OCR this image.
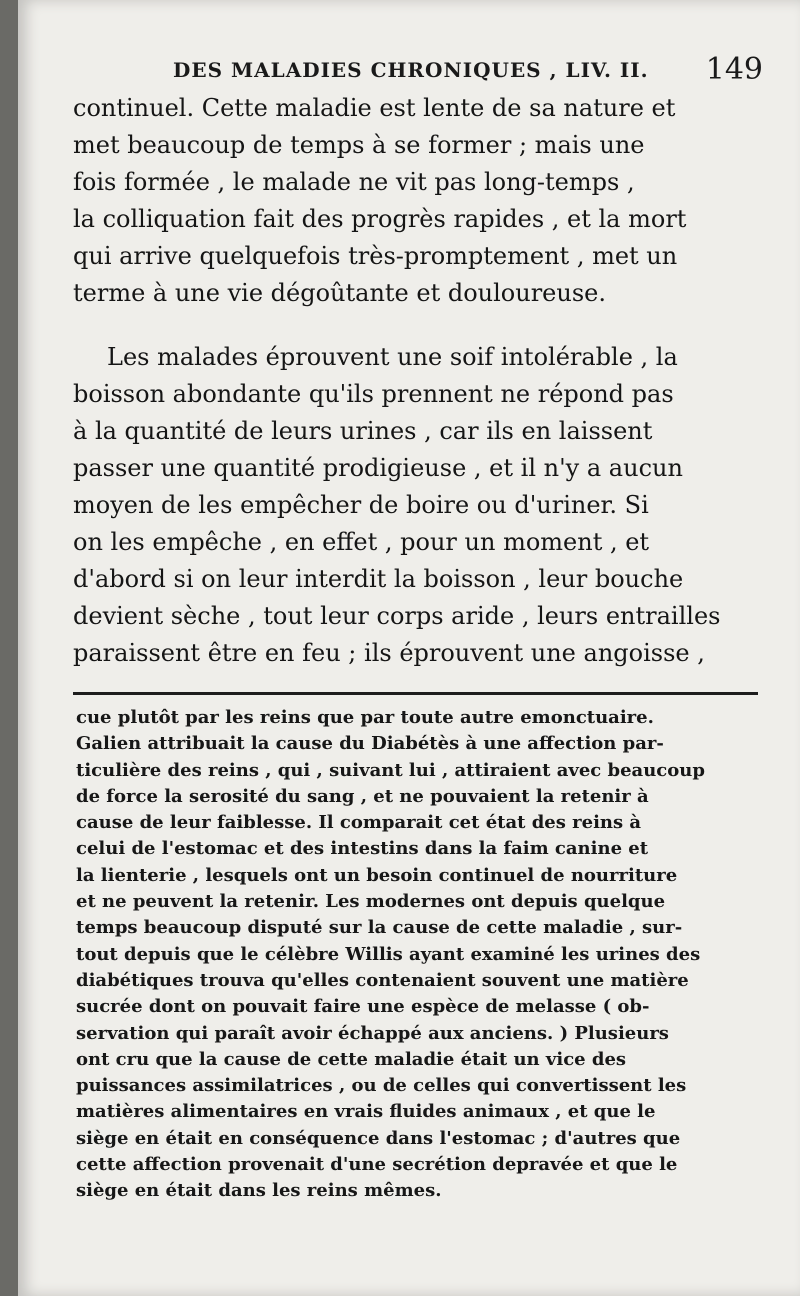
DES MALADIES CHRONIQUES , LIV. II. 149

continuel. Cette maladie est lente de sa nature et
met beaucoup de temps à se former ; mais une
fois formée , le malade ne vit pas long-temps ,
la colliquation fait des progrès rapides , et la mort
qui arrive quelquefois très-promptement , met un
terme à une vie dégoûtante et douloureuse.

Les malades éprouvent une soif intolérable , la
boisson abondante qu'ils prennent ne répond pas
à la quantité de leurs urines , car ils en laissent
passer une quantité prodigieuse , et il n'y a aucun
moyen de les empêcher de boire ou d'uriner. Si
on les empêche , en effet , pour un moment , et
d'abord si on leur interdit la boisson , leur bouche
devient sèche , tout leur corps aride , leurs entrailles
paraissent être en feu ; ils éprouvent une angoisse ,

cue plutôt par les reins que par toute autre emonctuaire.
Galien attribuait la cause du Diabétès à une affection par-
ticulière des reins , qui , suivant lui , attiraient avec beaucoup
de force la serosité du sang , et ne pouvaient la retenir à
cause de leur faiblesse. Il comparait cet état des reins à
celui de l'estomac et des intestins dans la faim canine et
la lienterie , lesquels ont un besoin continuel de nourriture
et ne peuvent la retenir. Les modernes ont depuis quelque
temps beaucoup disputé sur la cause de cette maladie , sur-
tout depuis que le célèbre Willis ayant examiné les urines des
diabétiques trouva qu'elles contenaient souvent une matière
sucrée dont on pouvait faire une espèce de melasse ( ob-
servation qui paraît avoir échappé aux anciens. ) Plusieurs
ont cru que la cause de cette maladie était un vice des
puissances assimilatrices , ou de celles qui convertissent les
matières alimentaires en vrais fluides animaux , et que le
siège en était en conséquence dans l'estomac ; d'autres que
cette affection provenait d'une secrétion depravée et que le
siège en était dans les reins mêmes.
